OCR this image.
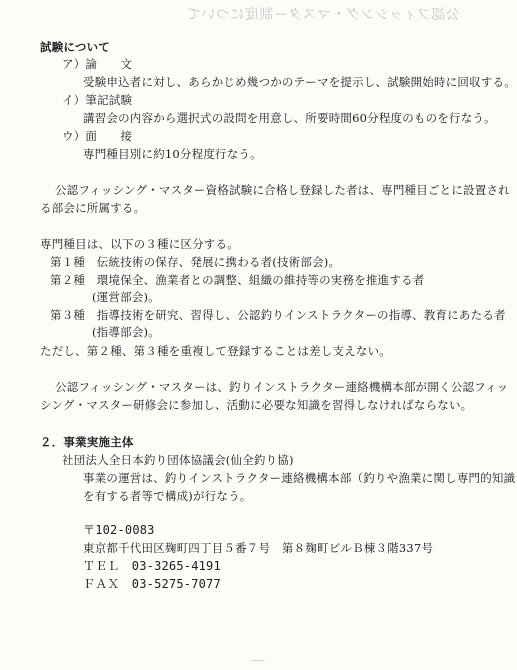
公認フィッシング・マスター制度について
試験について
ア）論　　文
受験申込者に対し、あらかじめ幾つかのテーマを提示し、試験開始時に回収する。
イ）筆記試験
講習会の内容から選択式の設問を用意し、所要時間60分程度のものを行なう。
ウ）面　　接
専門種目別に約10分程度行なう。
公認フィッシング・マスター資格試験に合格し登録した者は、専門種目ごとに設置され
る部会に所属する。
専門種目は、以下の３種に区分する。
第１種　伝統技術の保存、発展に携わる者(技術部会)。
第２種　環境保全、漁業者との調整、組織の維持等の実務を推進する者
(運営部会)。
第３種　指導技術を研究、習得し、公認釣りインストラクターの指導、教育にあたる者
(指導部会)。
ただし、第２種、第３種を重複して登録することは差し支えない。
公認フィッシング・マスターは、釣りインストラクター連絡機構本部が開く公認フィッ
シング・マスター研修会に参加し、活動に必要な知識を習得しなければならない。
２．事業実施主体
社団法人全日本釣り団体協議会(仙全釣り協)
事業の運営は、釣りインストラクター連絡機構本部（釣りや漁業に関し専門的知識
を有する者等で構成)が行なう。
〒102-0083
東京都千代田区麹町四丁目５番７号　第８麹町ビルＢ棟３階337号
ＴＥＬ　03-3265-4191
ＦＡＸ　03-5275-7077
